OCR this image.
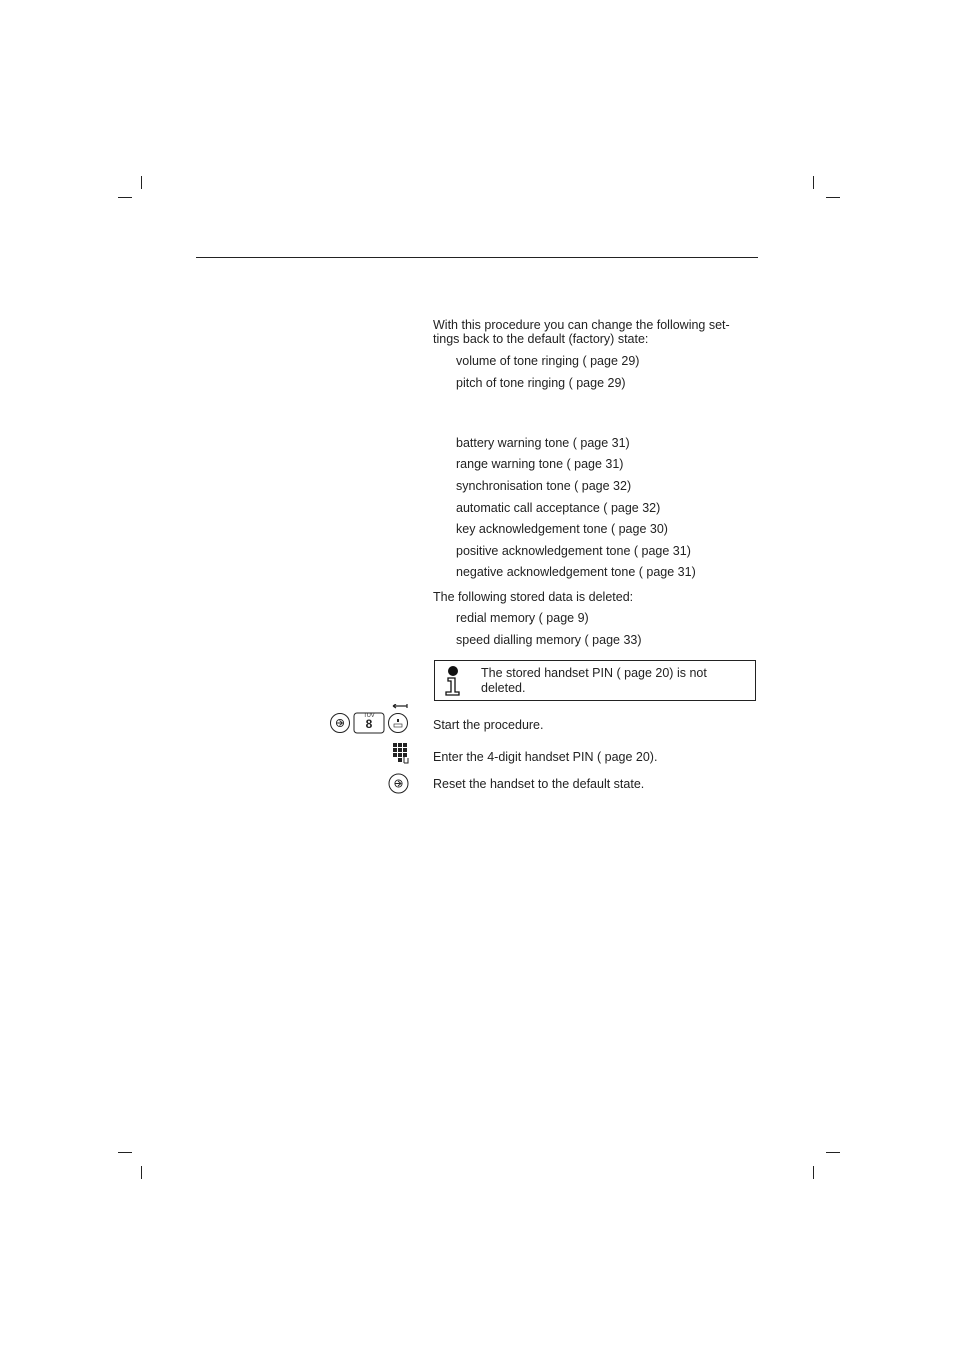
With this procedure you can change the following set-
tings back to the default (factory) state:
volume of tone ringing ( page 29)
pitch of tone ringing ( page 29)
battery warning tone ( page 31)
range warning tone ( page 31)
synchronisation tone ( page 32)
automatic call acceptance ( page 32)
key acknowledgement tone ( page 30)
positive acknowledgement tone ( page 31)
negative acknowledgement tone ( page 31)
The following stored data is deleted:
redial memory ( page 9)
speed dialling memory ( page 33)
The stored handset PIN ( page 20) is not deleted.
TUV
8	Start the procedure.
Enter the 4-digit handset PIN ( page 20).
Reset the handset to the default state.
